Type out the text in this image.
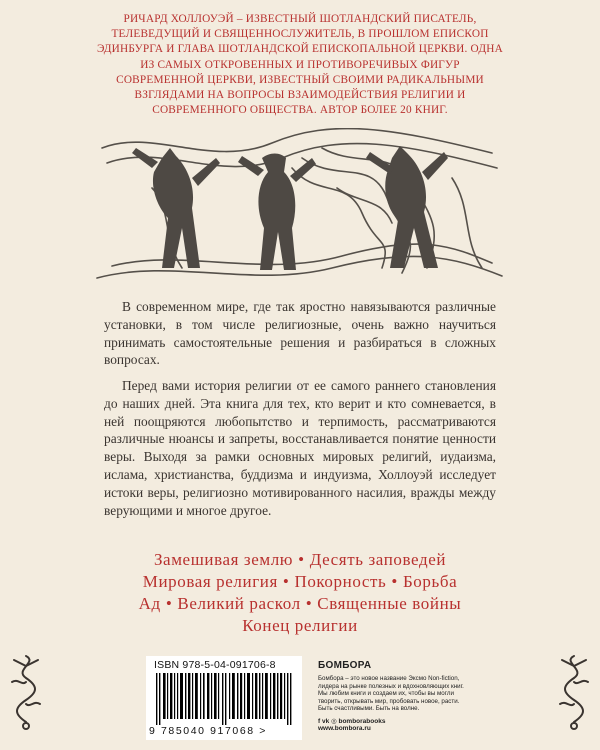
РИЧАРД ХОЛЛОУЭЙ – ИЗВЕСТНЫЙ ШОТЛАНДСКИЙ ПИСАТЕЛЬ, ТЕЛЕВЕДУЩИЙ И СВЯЩЕННОСЛУЖИТЕЛЬ, В ПРОШЛОМ ЕПИСКОП ЭДИНБУРГА И ГЛАВА ШОТЛАНДСКОЙ ЕПИСКОПАЛЬНОЙ ЦЕРКВИ. ОДНА ИЗ САМЫХ ОТКРОВЕННЫХ И ПРОТИВОРЕЧИВЫХ ФИГУР СОВРЕМЕННОЙ ЦЕРКВИ, ИЗВЕСТНЫЙ СВОИМИ РАДИКАЛЬНЫМИ ВЗГЛЯДАМИ НА ВОПРОСЫ ВЗАИМОДЕЙСТВИЯ РЕЛИГИИ И СОВРЕМЕННОГО ОБЩЕСТВА. АВТОР БОЛЕЕ 20 КНИГ.

В современном мире, где так яростно навязываются различные установки, в том числе религиозные, очень важно научиться принимать самостоятельные решения и разбираться в сложных вопросах.

Перед вами история религии от ее самого раннего становления до наших дней. Эта книга для тех, кто верит и кто сомневается, в ней поощряются любопытство и терпимость, рассматриваются различные нюансы и запреты, восстанавливается понятие ценности веры. Выходя за рамки основных мировых религий, иудаизма, ислама, христианства, буддизма и индуизма, Холлоуэй исследует истоки веры, религиозно мотивированного насилия, вражды между верующими и многое другое.

Замешивая землю • Десять заповедей
Мировая религия • Покорность • Борьба
Ад • Великий раскол • Священные войны
Конец религии
ISBN 978-5-04-091706-8
9 785040 917068 >
БОМБОРА
Бомбора – это новое название Эксмо Non-fiction, лидера на рынке полезных и вдохновляющих книг. Мы любим книги и создаем их, чтобы вы могли творить, открывать мир, пробовать новое, расти. Быть счастливыми. Быть на волне.
f vk ◎ bomborabooks
www.bombora.ru
